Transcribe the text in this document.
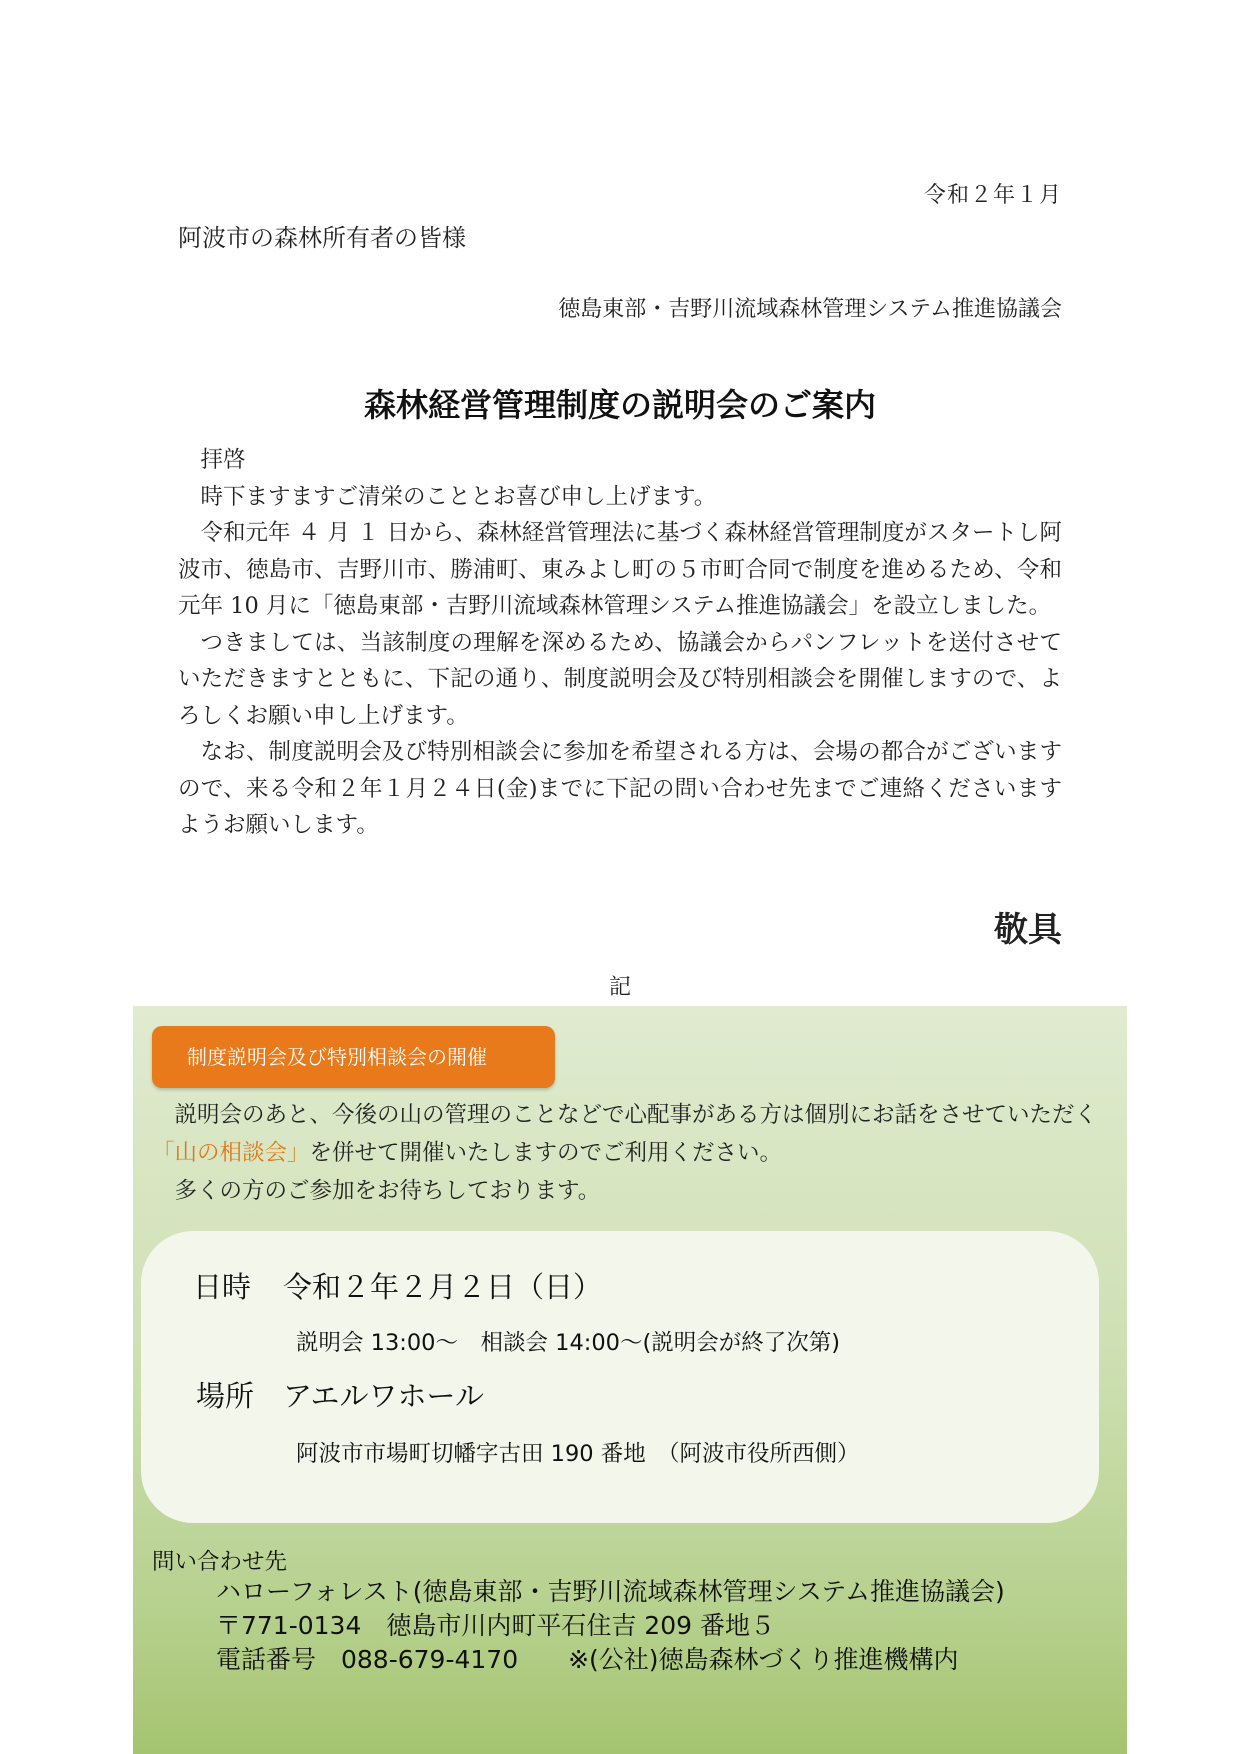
令和２年１月
阿波市の森林所有者の皆様
徳島東部・吉野川流域森林管理システム推進協議会
森林経営管理制度の説明会のご案内

拝啓

時下ますますご清栄のこととお喜び申し上げます。

令和元年 ４ 月 １ 日から、森林経営管理法に基づく森林経営管理制度がスタートし阿波市、徳島市、吉野川市、勝浦町、東みよし町の５市町合同で制度を進めるため、令和元年 10 月に「徳島東部・吉野川流域森林管理システム推進協議会」を設立しました。

つきましては、当該制度の理解を深めるため、協議会からパンフレットを送付させていただきますとともに、下記の通り、制度説明会及び特別相談会を開催しますので、よろしくお願い申し上げます。

なお、制度説明会及び特別相談会に参加を希望される方は、会場の都合がございますので、来る令和２年１月２４日(金)までに下記の問い合わせ先までご連絡くださいますようお願いします。

敬具
記
制度説明会及び特別相談会の開催

説明会のあと、今後の山の管理のことなどで心配事がある方は個別にお話をさせていただく「山の相談会」を併せて開催いたしますのでご利用ください。

多くの方のご参加をお待ちしております。

日時 令和２年２月２日（日）
説明会 13:00～　相談会 14:00～(説明会が終了次第)
場所 アエルワホール
阿波市市場町切幡字古田 190 番地　（阿波市役所西側）
問い合わせ先
ハローフォレスト(徳島東部・吉野川流域森林管理システム推進協議会)
〒771-0134　徳島市川内町平石住吉 209 番地５
電話番号　088-679-4170　　※(公社)徳島森林づくり推進機構内
